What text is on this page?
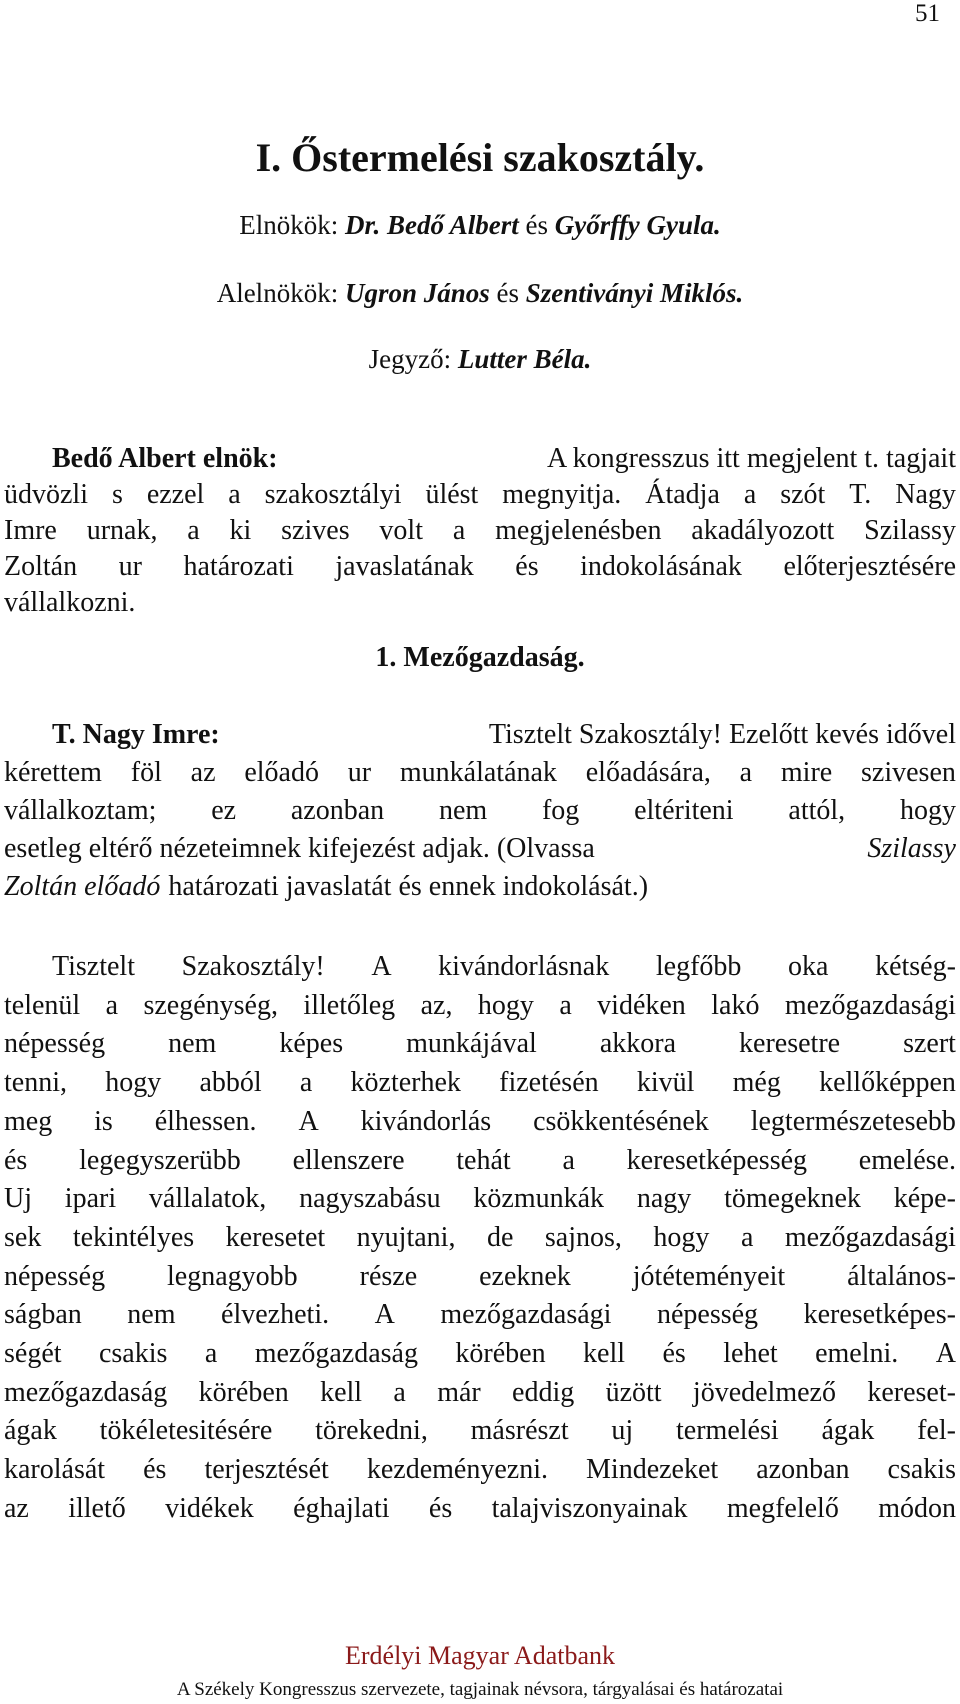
51
I. Őstermelési szakosztály.
Elnökök: Dr. Bedő Albert és Győrffy Gyula.
Alelnökök: Ugron János és Szentiványi Miklós.
Jegyző: Lutter Béla.
Bedő Albert elnök:	A kongresszus itt megjelent t. tagjait
üdvözli s ezzel a szakosztályi ülést megnyitja. Átadja a szót T. Nagy
Imre urnak, a ki szives volt a megjelenésben akadályozott Szilassy
Zoltán ur határozati javaslatának és indokolásának előterjesztésére
vállalkozni.
1. Mezőgazdaság.
T. Nagy Imre:	Tisztelt Szakosztály! Ezelőtt kevés idővel
kérettem föl az előadó ur munkálatának előadására, a mire szivesen
vállalkoztam; ez azonban nem fog eltériteni attól, hogy
esetleg eltérő nézeteimnek kifejezést adjak. (Olvassa	Szilassy
Zoltán előadó határozati javaslatát és ennek indokolását.)
Tisztelt Szakosztály! A kivándorlásnak legfőbb oka kétség-
telenül a szegénység, illetőleg az, hogy a vidéken lakó mezőgazdasági
népesség nem képes munkájával akkora keresetre szert
tenni, hogy abból a közterhek fizetésén kivül még kellőképpen
meg is élhessen. A kivándorlás csökkentésének legtermészetesebb
és legegyszerübb ellenszere tehát a keresetképesség emelése.
Uj ipari vállalatok, nagyszabásu közmunkák nagy tömegeknek képe-
sek tekintélyes keresetet nyujtani, de sajnos, hogy a mezőgazdasági
népesség legnagyobb része ezeknek jótéteményeit általános-
ságban nem élvezheti. A mezőgazdasági népesség keresetképes-
ségét csakis a mezőgazdaság körében kell és lehet emelni. A
mezőgazdaság körében kell a már eddig üzött jövedelmező kereset-
ágak tökéletesitésére törekedni, másrészt uj termelési ágak fel-
karolását és terjesztését kezdeményezni. Mindezeket azonban csakis
az illető vidékek éghajlati és talajviszonyainak megfelelő módon
Erdélyi Magyar Adatbank
A Székely Kongresszus szervezete, tagjainak névsora, tárgyalásai és határozatai
